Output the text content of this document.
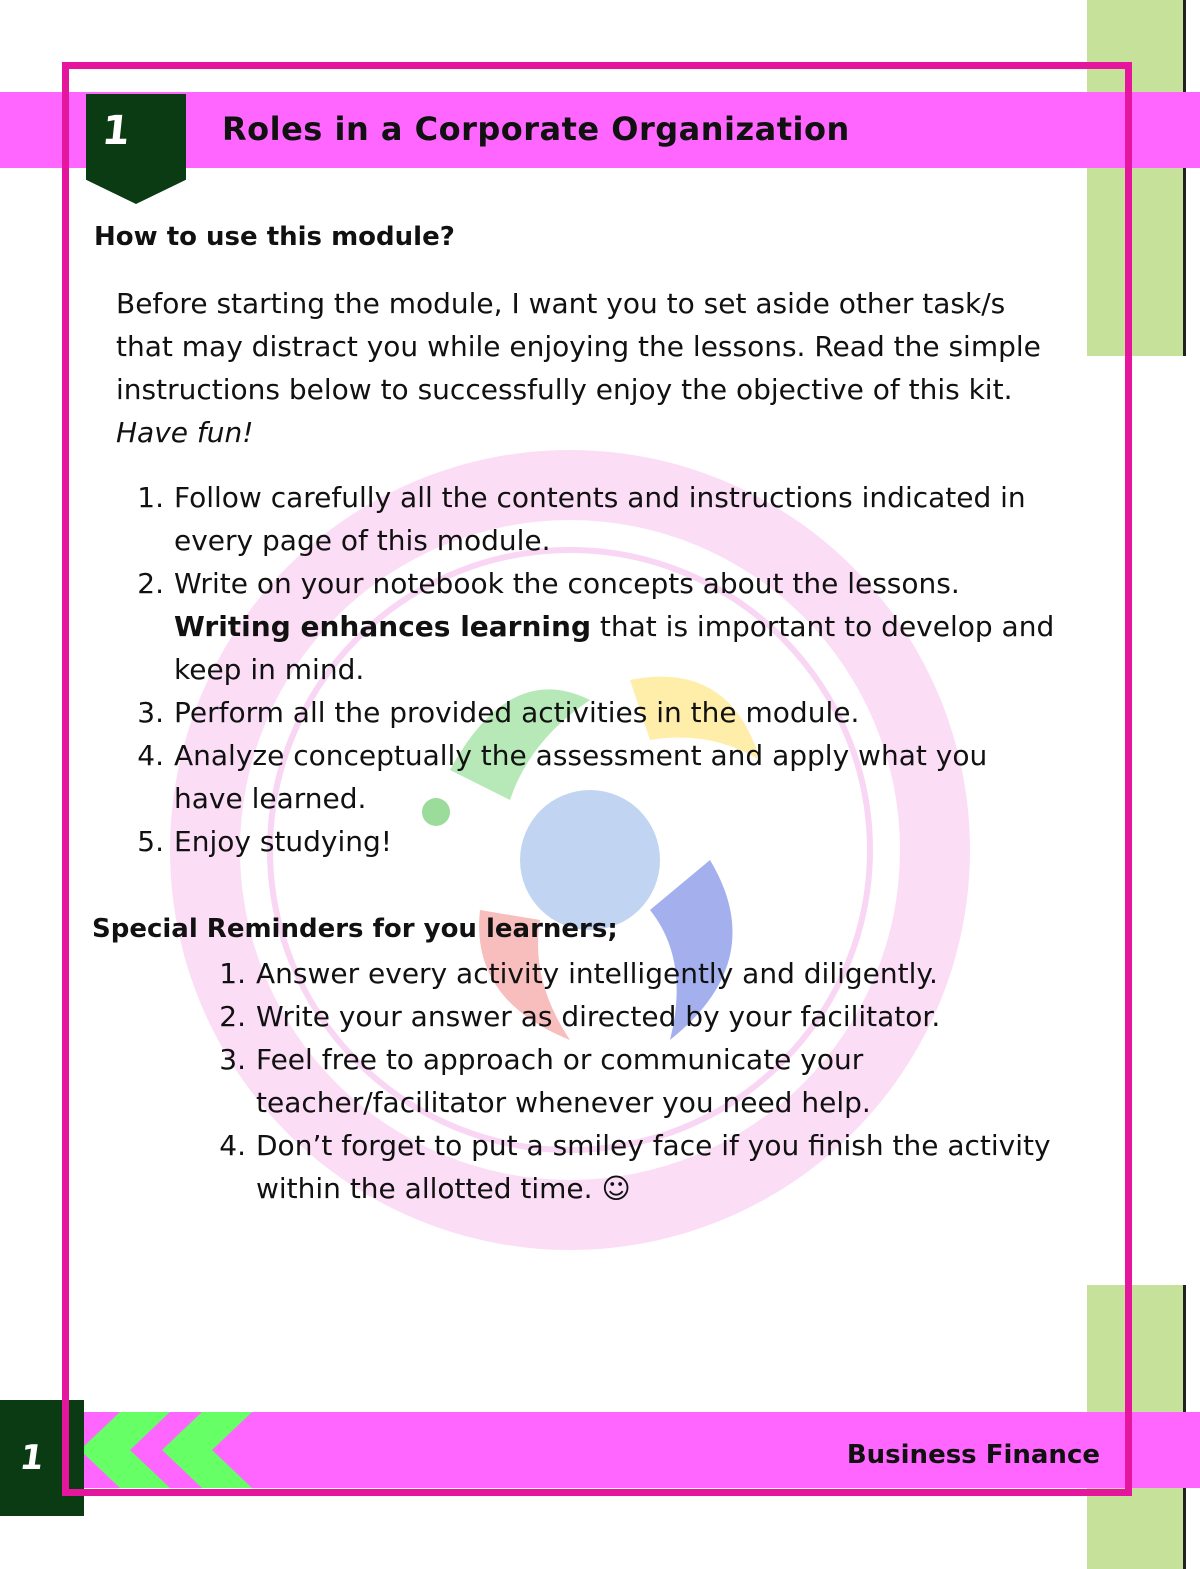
1	Roles in a Corporate Organization
How to use this module?
Before starting the module, I want you to set aside other task/s
that may distract you while enjoying the lessons. Read the simple
instructions below to successfully enjoy the objective of this kit.
Have fun!
1. Follow carefully all the contents and instructions indicated in
every page of this module.
2. Write on your notebook the concepts about the lessons.
Writing enhances learning that is important to develop and
keep in mind.
3. Perform all the provided activities in the module.
4. Analyze conceptually the assessment and apply what you
have learned.
5. Enjoy studying!
Special Reminders for you learners;
1. Answer every activity intelligently and diligently.
2. Write your answer as directed by your facilitator.
3. Feel free to approach or communicate your
teacher/facilitator whenever you need help.
4. Don’t forget to put a smiley face if you finish the activity
within the allotted time. ☺
1	Business Finance
